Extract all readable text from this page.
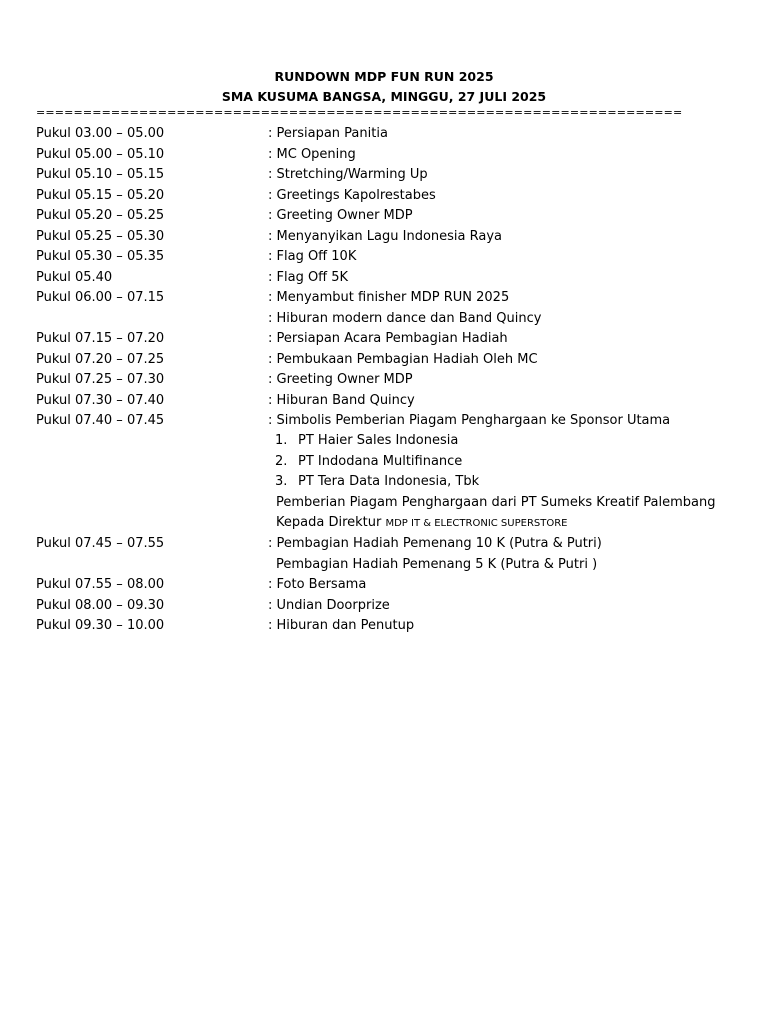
RUNDOWN MDP FUN RUN 2025
SMA KUSUMA BANGSA, MINGGU, 27 JULI 2025
=====================================================================
Pukul 03.00 – 05.00	: Persiapan Panitia
Pukul 05.00 – 05.10	: MC Opening
Pukul 05.10 – 05.15	: Stretching/Warming Up
Pukul 05.15 – 05.20	: Greetings Kapolrestabes
Pukul 05.20 – 05.25	: Greeting Owner MDP
Pukul 05.25 – 05.30	: Menyanyikan Lagu Indonesia Raya
Pukul 05.30 – 05.35	: Flag Off 10K
Pukul 05.40	: Flag Off 5K
Pukul 06.00 – 07.15	: Menyambut finisher MDP RUN 2025
: Hiburan modern dance dan Band Quincy
Pukul 07.15 – 07.20	: Persiapan Acara Pembagian Hadiah
Pukul 07.20 – 07.25	: Pembukaan Pembagian Hadiah Oleh MC
Pukul 07.25 – 07.30	: Greeting Owner MDP
Pukul 07.30 – 07.40	: Hiburan Band Quincy
Pukul 07.40 – 07.45	: Simbolis Pemberian Piagam Penghargaan ke Sponsor Utama
1. PT Haier Sales Indonesia
2. PT Indodana Multifinance
3. PT Tera Data Indonesia, Tbk
Pemberian Piagam Penghargaan dari PT Sumeks Kreatif Palembang
Kepada Direktur MDP IT & ELECTRONIC SUPERSTORE
Pukul 07.45 – 07.55	: Pembagian Hadiah Pemenang 10 K (Putra & Putri)
Pembagian Hadiah Pemenang 5 K (Putra & Putri )
Pukul 07.55 – 08.00	: Foto Bersama
Pukul 08.00 – 09.30	: Undian Doorprize
Pukul 09.30 – 10.00	: Hiburan dan Penutup
